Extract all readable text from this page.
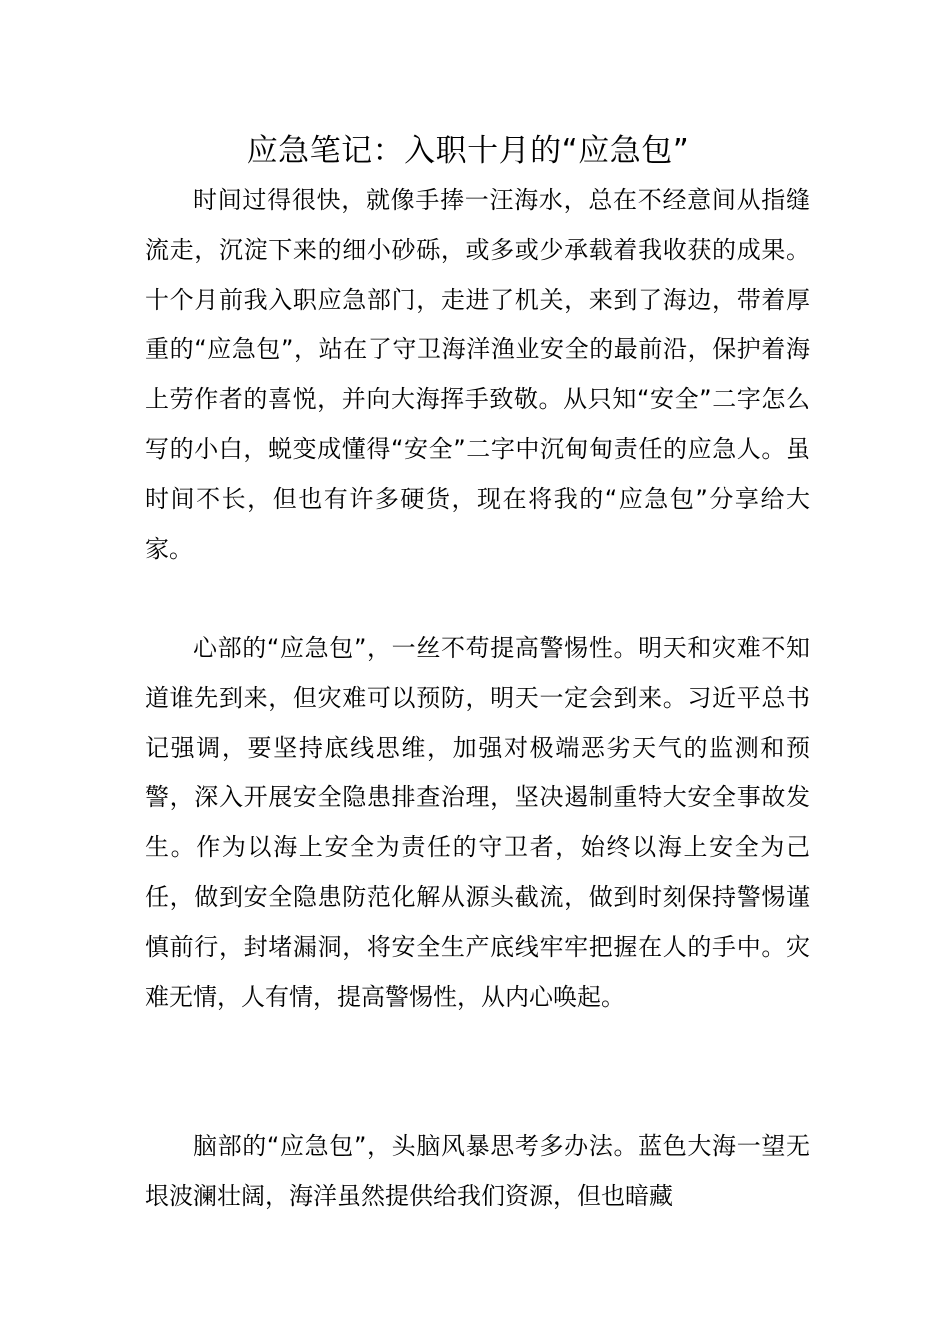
应急笔记：入职十月的“应急包”

时间过得很快，就像手捧一汪海水，总在不经意间从指缝流走，沉淀下来的细小砂砾，或多或少承载着我收获的成果。十个月前我入职应急部门，走进了机关，来到了海边，带着厚重的“应急包”，站在了守卫海洋渔业安全的最前沿，保护着海上劳作者的喜悦，并向大海挥手致敬。从只知“安全”二字怎么写的小白，蜕变成懂得“安全”二字中沉甸甸责任的应急人。虽时间不长，但也有许多硬货，现在将我的“应急包”分享给大家。

心部的“应急包”，一丝不苟提高警惕性。明天和灾难不知道谁先到来，但灾难可以预防，明天一定会到来。习近平总书记强调，要坚持底线思维，加强对极端恶劣天气的监测和预警，深入开展安全隐患排查治理，坚决遏制重特大安全事故发生。作为以海上安全为责任的守卫者，始终以海上安全为己任，做到安全隐患防范化解从源头截流，做到时刻保持警惕谨慎前行，封堵漏洞，将安全生产底线牢牢把握在人的手中。灾难无情，人有情，提高警惕性，从内心唤起。

脑部的“应急包”，头脑风暴思考多办法。蓝色大海一望无垠波澜壮阔，海洋虽然提供给我们资源，但也暗藏
